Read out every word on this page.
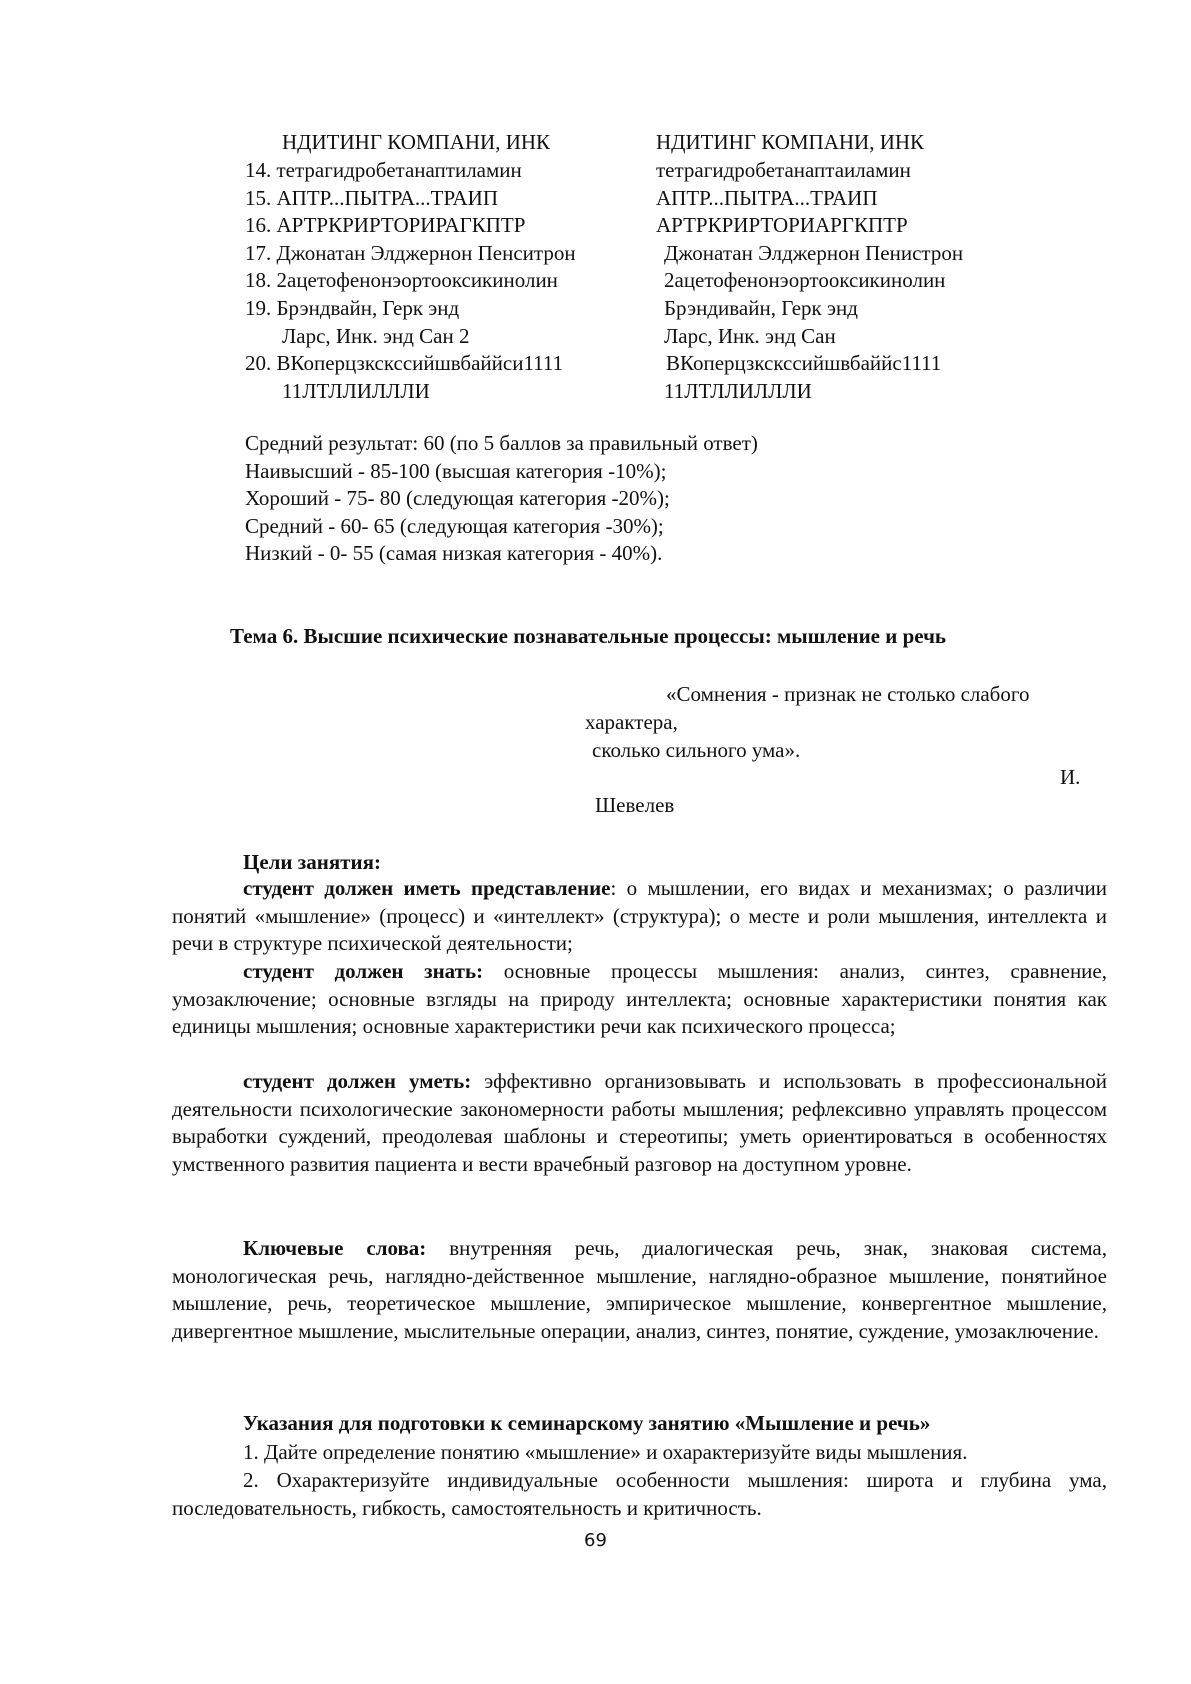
НДИТИНГ КОМПАНИ, ИНК	НДИТИНГ КОМПАНИ, ИНК
14. тетрагидробетанаптиламин	тетрагидробетанаптаиламин
15. АПТР...ПЫТРА...ТРАИП	АПТР...ПЫТРА...ТРАИП
16. АРТРКРИРТОРИРАГКПТР	АРТРКРИРТОРИАРГКПТР
17. Джонатан Элджернон Пенситрон	Джонатан Элджернон Пенистрон
18. 2ацетофенонэортооксикинолин	2ацетофенонэортооксикинолин
19. Брэндвайн, Герк энд	Брэндивайн, Герк энд
Ларс, Инк. энд Сан 2	Ларс, Инк. энд Сан
20. ВКоперцзкскссийшвбаййси1111	ВКоперцзкскссийшвбаййс1111
11ЛТЛЛИЛЛЛИ	11ЛТЛЛИЛЛЛИ
Средний результат: 60 (по 5 баллов за правильный ответ)
Наивысший - 85-100 (высшая категория -10%);
Хороший - 75- 80 (следующая категория -20%);
Средний - 60- 65 (следующая категория -30%);
Низкий - 0- 55 (самая низкая категория - 40%).
Тема 6. Высшие психические познавательные процессы: мышление и речь
«Сомнения - признак не столько слабого
характера,
сколько сильного ума».
И.
Шевелев
Цели занятия:
студент должен иметь представление: о мышлении, его видах и механизмах; о различии понятий «мышление» (процесс) и «интеллект» (структура); о месте и роли мышления, интеллекта и речи в структуре психической деятельности;
студент должен знать: основные процессы мышления: анализ, синтез, сравнение, умозаключение; основные взгляды на природу интеллекта; основные характеристики понятия как единицы мышления; основные характеристики речи как психического процесса;
студент должен уметь: эффективно организовывать и использовать в профессиональной деятельности психологические закономерности работы мышления; рефлексивно управлять процессом выработки суждений, преодолевая шаблоны и стереотипы; уметь ориентироваться в особенностях умственного развития пациента и вести врачебный разговор на доступном уровне.
Ключевые слова: внутренняя речь, диалогическая речь, знак, знаковая система, монологическая речь, наглядно-действенное мышление, наглядно-образное мышление, понятийное мышление, речь, теоретическое мышление, эмпирическое мышление, конвергентное мышление, дивергентное мышление, мыслительные операции, анализ, синтез, понятие, суждение, умозаключение.
Указания для подготовки к семинарскому занятию «Мышление и речь»
1. Дайте определение понятию «мышление» и охарактеризуйте виды мышления.
2. Охарактеризуйте индивидуальные особенности мышления: широта и глубина ума, последовательность, гибкость, самостоятельность и критичность.
69
